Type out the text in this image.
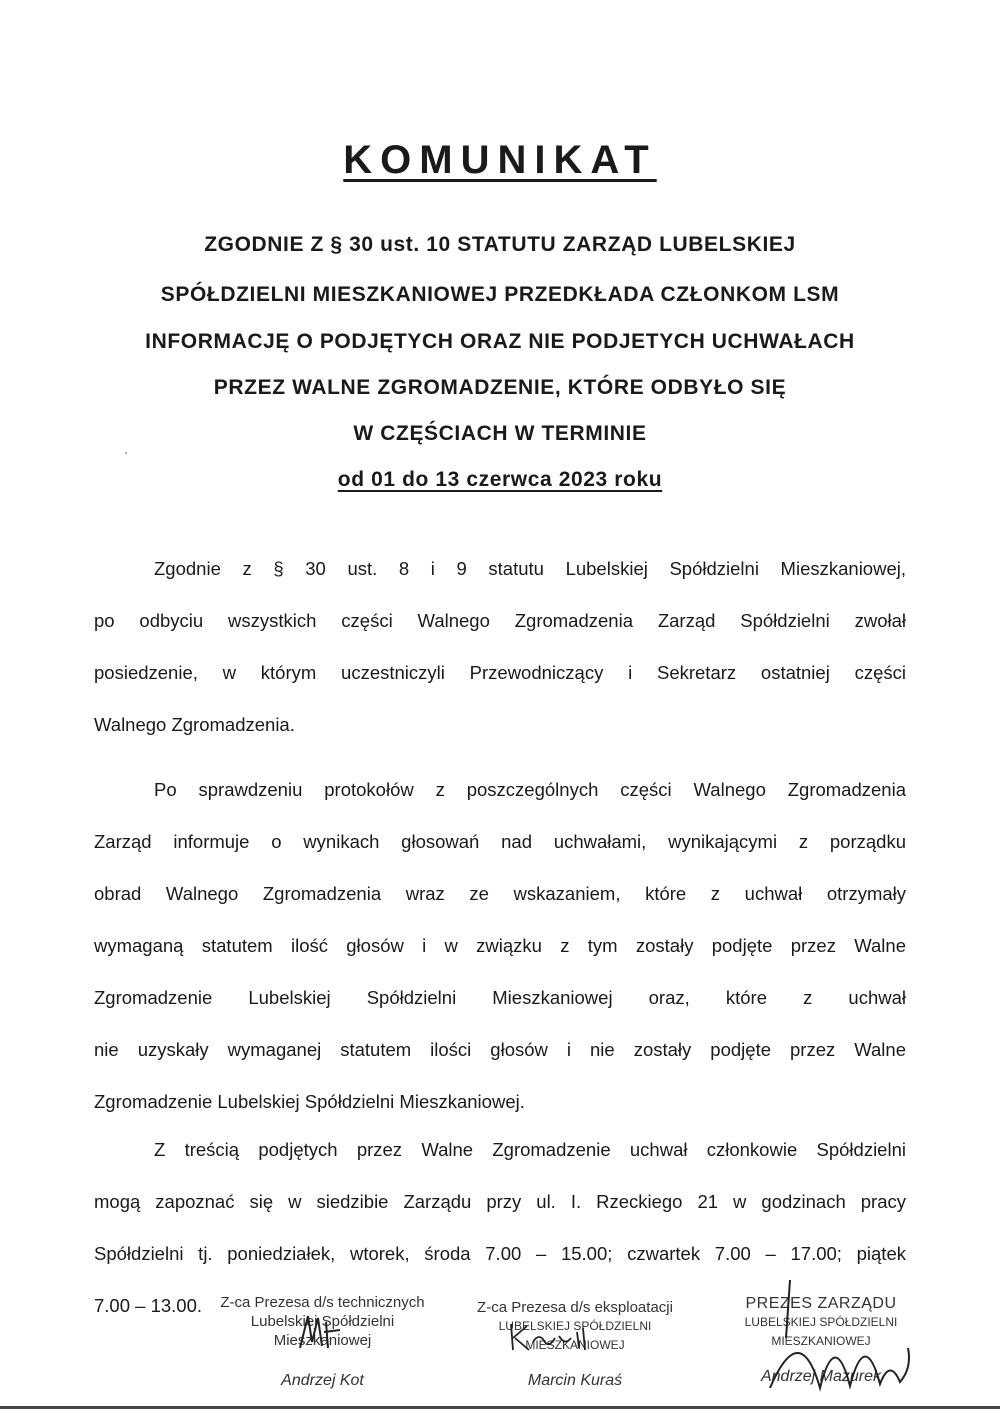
KOMUNIKAT
ZGODNIE Z § 30 ust. 10 STATUTU ZARZĄD LUBELSKIEJ
SPÓŁDZIELNI MIESZKANIOWEJ PRZEDKŁADA CZŁONKOM LSM
INFORMACJĘ O PODJĘTYCH ORAZ NIE PODJETYCH UCHWAŁACH
PRZEZ WALNE ZGROMADZENIE, KTÓRE ODBYŁO SIĘ
W CZĘŚCIACH W TERMINIE
od 01 do 13 czerwca 2023 roku
Zgodnie z § 30 ust. 8 i 9 statutu Lubelskiej Spółdzielni Mieszkaniowej,
po odbyciu wszystkich części Walnego Zgromadzenia Zarząd Spółdzielni zwołał
posiedzenie, w którym uczestniczyli Przewodniczący i Sekretarz ostatniej części
Walnego Zgromadzenia.
Po sprawdzeniu protokołów z poszczególnych części Walnego Zgromadzenia
Zarząd informuje o wynikach głosowań nad uchwałami, wynikającymi z porządku
obrad Walnego Zgromadzenia wraz ze wskazaniem, które z uchwał otrzymały
wymaganą statutem ilość głosów i w związku z tym zostały podjęte przez Walne
Zgromadzenie Lubelskiej Spółdzielni Mieszkaniowej oraz, które z uchwał
nie uzyskały wymaganej statutem ilości głosów i nie zostały podjęte przez Walne
Zgromadzenie Lubelskiej Spółdzielni Mieszkaniowej.
Z treścią podjętych przez Walne Zgromadzenie uchwał członkowie Spółdzielni
mogą zapoznać się w siedzibie Zarządu przy ul. I. Rzeckiego 21 w godzinach pracy
Spółdzielni tj. poniedziałek, wtorek, środa 7.00 – 15.00; czwartek 7.00 – 17.00; piątek
7.00 – 13.00.	Z-ca Prezesa d/s technicznych
Lubelskiej Spółdzielni Mieszkaniowej
Andrzej Kot
Z-ca Prezesa d/s eksploatacji
LUBELSKIEJ SPÓŁDZIELNI MIESZKANIOWEJ
Marcin Kuraś
PREZES ZARZĄDU
LUBELSKIEJ SPÓŁDZIELNI MIESZKANIOWEJ
Andrzej Mazurek
